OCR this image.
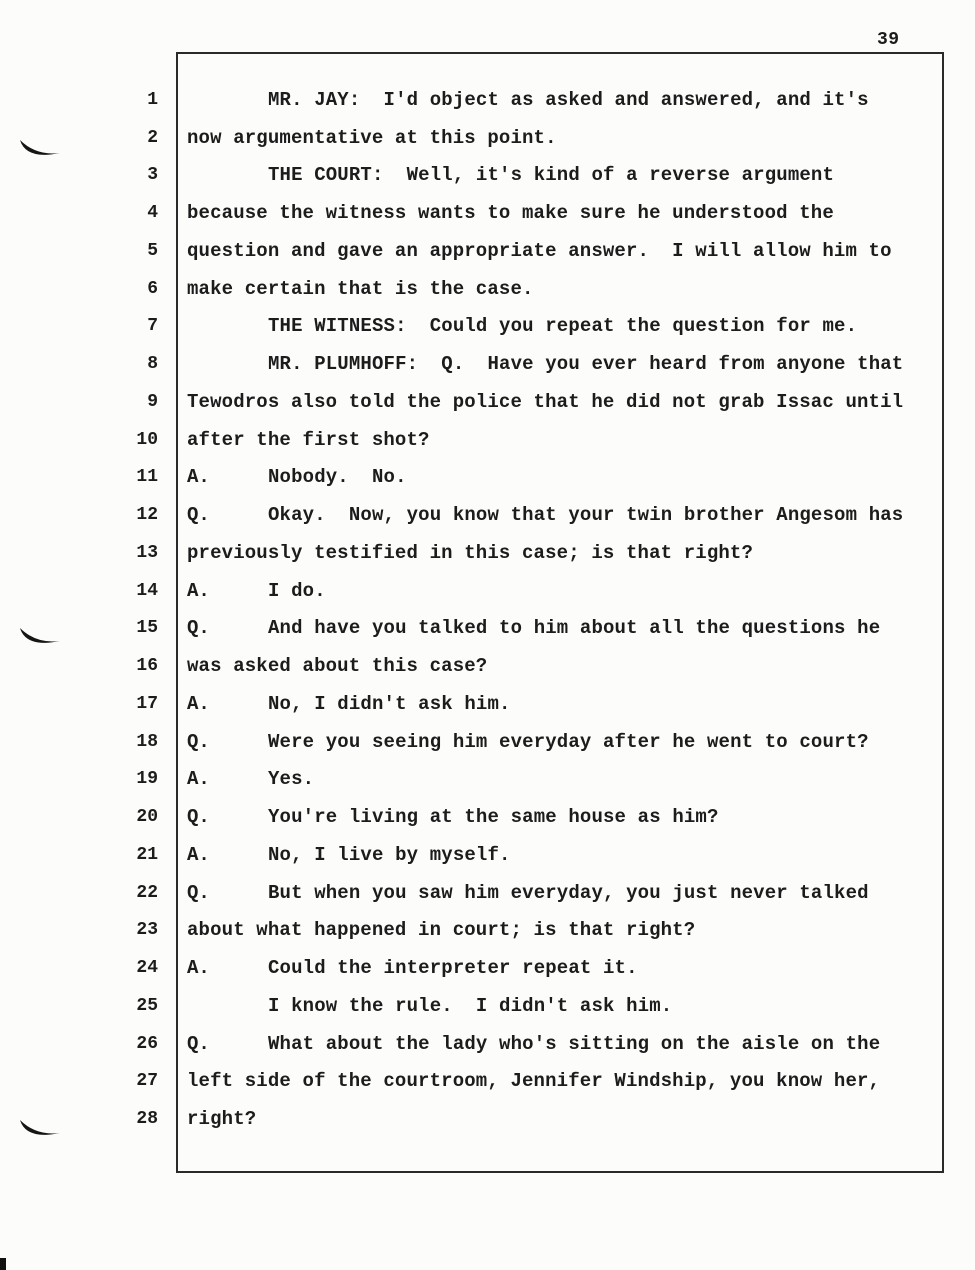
39
1	MR. JAY:  I'd object as asked and answered, and it's
2 now argumentative at this point.
3	THE COURT:  Well, it's kind of a reverse argument
4 because the witness wants to make sure he understood the
5 question and gave an appropriate answer.  I will allow him to
6 make certain that is the case.
7	THE WITNESS:  Could you repeat the question for me.
8	MR. PLUMHOFF:  Q.  Have you ever heard from anyone that
9 Tewodros also told the police that he did not grab Issac until
10 after the first shot?
11 A.	Nobody.  No.
12 Q.	Okay.  Now, you know that your twin brother Angesom has
13 previously testified in this case; is that right?
14 A.	I do.
15 Q.	And have you talked to him about all the questions he
16 was asked about this case?
17 A.	No, I didn't ask him.
18 Q.	Were you seeing him everyday after he went to court?
19 A.	Yes.
20 Q.	You're living at the same house as him?
21 A.	No, I live by myself.
22 Q.	But when you saw him everyday, you just never talked
23 about what happened in court; is that right?
24 A.	Could the interpreter repeat it.
25	I know the rule.  I didn't ask him.
26 Q.	What about the lady who's sitting on the aisle on the
27 left side of the courtroom, Jennifer Windship, you know her,
28 right?
